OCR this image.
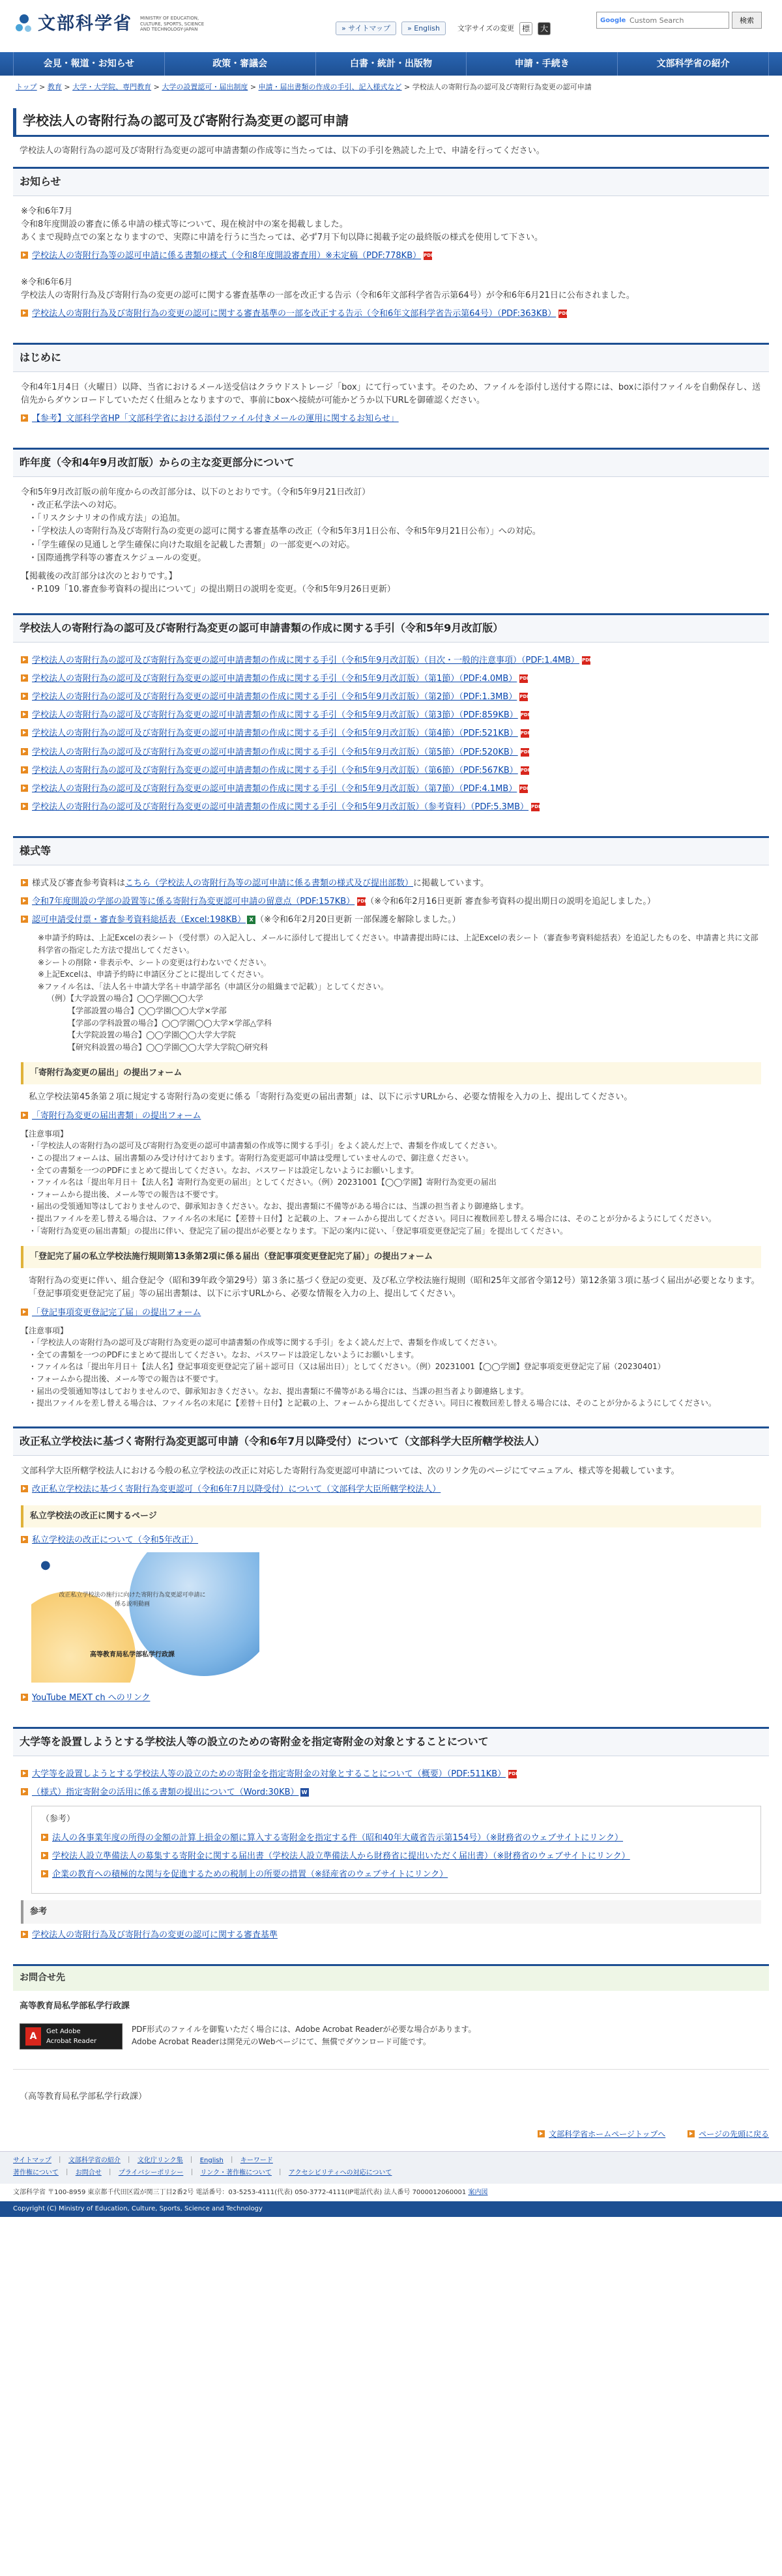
文部科学省 MINISTRY OF EDUCATION, CULTURE, SPORTS, SCIENCE AND TECHNOLOGY-JAPAN	» サイトマップ	» English	文字サイズの変更 標	大
Google
Custom Search	検索
会見・報道・お知らせ	政策・審議会	白書・統計・出版物	申請・手続き	文部科学省の紹介
トップ > 教育 > 大学・大学院、専門教育 > 大学の設置認可・届出制度 > 申請・届出書類の作成の手引、記入様式など > 学校法人の寄附行為の認可及び寄附行為変更の認可申請
学校法人の寄附行為の認可及び寄附行為変更の認可申請

学校法人の寄附行為の認可及び寄附行為変更の認可申請書類の作成等に当たっては、以下の手引を熟読した上で、申請を行ってください。

お知らせ

※令和6年7月

令和8年度開設の審査に係る申請の様式等について、現在検討中の案を掲載しました。

あくまで現時点での案となりますので、実際に申請を行うに当たっては、必ず7月下旬以降に掲載予定の最終版の様式を使用して下さい。

学校法人の寄附行為等の認可申請に係る書類の様式（令和8年度開設審査用）※未定稿（PDF:778KB） PDF

※令和6年6月

学校法人の寄附行為及び寄附行為の変更の認可に関する審査基準の一部を改正する告示（令和6年文部科学省告示第64号）が令和6年6月21日に公布されました。

学校法人の寄附行為及び寄附行為の変更の認可に関する審査基準の一部を改正する告示（令和6年文部科学省告示第64号）（PDF:363KB） PDF
はじめに

令和4年1月4日（火曜日）以降、当省におけるメール送受信はクラウドストレージ「box」にて行っています。そのため、ファイルを添付し送付する際には、boxに添付ファイルを自動保存し、送信先からダウンロードしていただく仕組みとなりますので、事前にboxへ接続が可能かどうか以下URLを御確認ください。

【参考】文部科学省HP「文部科学省における添付ファイル付きメールの運用に関するお知らせ」
昨年度（令和4年9月改訂版）からの主な変更部分について

令和5年9月改訂版の前年度からの改訂部分は、以下のとおりです。（令和5年9月21日改訂）

・改正私学法への対応。

・「リスクシナリオの作成方法」の追加。

・「学校法人の寄附行為及び寄附行為の変更の認可に関する審査基準の改正（令和5年3月1日公布、令和5年9月21日公布）」への対応。

・「学生確保の見通しと学生確保に向けた取組を記載した書類」の一部変更への対応。

・国際通携学科等の審査スケジュールの変更。

【掲載後の改訂部分は次のとおりです。】

・P.109「10.審査参考資料の提出について」の提出期日の説明を変更。（令和5年9月26日更新）

学校法人の寄附行為の認可及び寄附行為変更の認可申請書類の作成に関する手引（令和5年9月改訂版）
学校法人の寄附行為の認可及び寄附行為変更の認可申請書類の作成に関する手引（令和5年9月改訂版）（目次・一般的注意事項）（PDF:1.4MB） PDF
学校法人の寄附行為の認可及び寄附行為変更の認可申請書類の作成に関する手引（令和5年9月改訂版）（第1節）（PDF:4.0MB） PDF
学校法人の寄附行為の認可及び寄附行為変更の認可申請書類の作成に関する手引（令和5年9月改訂版）（第2節）（PDF:1.3MB） PDF
学校法人の寄附行為の認可及び寄附行為変更の認可申請書類の作成に関する手引（令和5年9月改訂版）（第3節）（PDF:859KB） PDF
学校法人の寄附行為の認可及び寄附行為変更の認可申請書類の作成に関する手引（令和5年9月改訂版）（第4節）（PDF:521KB） PDF
学校法人の寄附行為の認可及び寄附行為変更の認可申請書類の作成に関する手引（令和5年9月改訂版）（第5節）（PDF:520KB） PDF
学校法人の寄附行為の認可及び寄附行為変更の認可申請書類の作成に関する手引（令和5年9月改訂版）（第6節）（PDF:567KB） PDF
学校法人の寄附行為の認可及び寄附行為変更の認可申請書類の作成に関する手引（令和5年9月改訂版）（第7節）（PDF:4.1MB） PDF
学校法人の寄附行為の認可及び寄附行為変更の認可申請書類の作成に関する手引（令和5年9月改訂版）（参考資料）（PDF:5.3MB） PDF
様式等
様式及び審査参考資料はこちら（学校法人の寄附行為等の認可申請に係る書類の様式及び提出部数）に掲載しています。
令和7年度開設の学部の設置等に係る寄附行為変更認可申請の留意点（PDF:157KB） PDF（※令和6年2月16日更新 審査参考資料の提出期日の説明を追記しました。）
認可申請受付票・審査参考資料総括表（Excel:198KB） X （※令和6年2月20日更新 一部保護を解除しました。）

※申請予約時は、上記Excelの表シート（受付票）の入記入し、メールに添付して提出してください。申請書提出時には、上記Excelの表シート（審査参考資料総括表）を追記したものを、申請書と共に文部科学省の指定した方法で提出してください。

※シートの削除・非表示や、シートの変更は行わないでください。

※上記Excelは、申請予約時に申請区分ごとに提出してください。

※ファイル名は、「法人名＋申請大学名＋申請学部名（申請区分の組織まで記載）」としてください。

（例）【大学設置の場合】◯◯学園◯◯大学

【学部設置の場合】◯◯学園◯◯大学×学部

【学部の学科設置の場合】◯◯学園◯◯大学×学部△学科

【大学院設置の場合】◯◯学園◯◯大学大学院

【研究科設置の場合】◯◯学園◯◯大学大学院◯研究科

「寄附行為変更の届出」の提出フォーム

私立学校法第45条第２項に規定する寄附行為の変更に係る「寄附行為変更の届出書類」は、以下に示すURLから、必要な情報を入力の上、提出してください。

「寄附行為変更の届出書類」の提出フォーム

【注意事項】

・「学校法人の寄附行為の認可及び寄附行為変更の認可申請書類の作成等に関する手引」をよく読んだ上で、書類を作成してください。

・この提出フォームは、届出書類のみ受け付けております。寄附行為変更認可申請は受理していませんので、御注意ください。

・全ての書類を一つのPDFにまとめて提出してください。なお、パスワードは設定しないようにお願いします。

・ファイル名は「提出年月日＋【法人名】寄附行為変更の届出」としてください。（例）20231001【◯◯学園】寄附行為変更の届出

・フォームから提出後、メール等での報告は不要です。

・届出の受領通知等はしておりませんので、御承知おきください。なお、提出書類に不備等がある場合には、当課の担当者より御連絡します。

・提出ファイルを差し替える場合は、ファイル名の末尾に【差替＋日付】と記載の上、フォームから提出してください。同日に複数回差し替える場合には、そのことが分かるようにしてください。

・「寄附行為変更の届出書類」の提出に伴い、登記完了届の提出が必要となります。下記の案内に従い、「登記事項変更登記完了届」を提出してください。

「登記完了届の私立学校法施行規則第13条第2項に係る届出（登記事項変更登記完了届）」の提出フォーム

寄附行為の変更に伴い、組合登記令（昭和39年政令第29号）第３条に基づく登記の変更、及び私立学校法施行規則（昭和25年文部省令第12号）第12条第３項に基づく届出が必要となります。

「登記事項変更登記完了届」等の届出書類は、以下に示すURLから、必要な情報を入力の上、提出してください。

「登記事項変更登記完了届」の提出フォーム

【注意事項】

・「学校法人の寄附行為の認可及び寄附行為変更の認可申請書類の作成等に関する手引」をよく読んだ上で、書類を作成してください。

・全ての書類を一つのPDFにまとめて提出してください。なお、パスワードは設定しないようにお願いします。

・ファイル名は「提出年月日＋【法人名】登記事項変更登記完了届＋認可日（又は届出日）」としてください。（例）20231001【◯◯学園】登記事項変更登記完了届（20230401）

・フォームから提出後、メール等での報告は不要です。

・届出の受領通知等はしておりませんので、御承知おきください。なお、提出書類に不備等がある場合には、当課の担当者より御連絡します。

・提出ファイルを差し替える場合は、ファイル名の末尾に【差替＋日付】と記載の上、フォームから提出してください。同日に複数回差し替える場合には、そのことが分かるようにしてください。

改正私立学校法に基づく寄附行為変更認可申請（令和6年7月以降受付）について（文部科学大臣所轄学校法人）

文部科学大臣所轄学校法人における今般の私立学校法の改正に対応した寄附行為変更認可申請については、次のリンク先のページにてマニュアル、様式等を掲載しています。

改正私立学校法に基づく寄附行為変更認可（令和6年7月以降受付）について（文部科学大臣所轄学校法人）
私立学校法の改正に関するページ
私立学校法の改正について（令和5年改正）
●
改正私立学校法の施行に向けた寄附行為変更認可申請に係る説明動画
高等教育局私学部私学行政課
YouTube MEXT ch へのリンク
大学等を設置しようとする学校法人等の設立のための寄附金を指定寄附金の対象とすることについて
大学等を設置しようとする学校法人等の設立のための寄附金を指定寄附金の対象とすることについて（概要）（PDF:511KB） PDF
（様式）指定寄附金の活用に係る書類の提出について（Word:30KB） W

（参考）

法人の各事業年度の所得の金額の計算上損金の額に算入する寄附金を指定する件（昭和40年大蔵省告示第154号）（※財務省のウェブサイトにリンク）
学校法人設立準備法人の募集する寄附金に関する届出書（学校法人設立準備法人から財務省に提出いただく届出書）（※財務省のウェブサイトにリンク）
企業の教育への積極的な関与を促進するための税制上の所要の措置（※経産省のウェブサイトにリンク）
参考
学校法人の寄附行為及び寄附行為の変更の認可に関する審査基準
お問合せ先

高等教育局私学部私学行政課

A	Get Adobe
Acrobat Reader

PDF形式のファイルを御覧いただく場合には、Adobe Acrobat Readerが必要な場合があります。

Adobe Acrobat Readerは開発元のWebページにて、無償でダウンロード可能です。

（高等教育局私学部私学行政課）

文部科学省ホームページトップへ	ページの先頭に戻る
サイトマップ ｜ 文部科学省の紹介 ｜ 文化庁リンク集 ｜ English ｜ キーワード
著作権について ｜ お問合せ ｜ プライバシーポリシー ｜ リンク・著作権について ｜ アクセシビリティへの対応について
文部科学省 〒100-8959 東京都千代田区霞が関三丁目2番2号 電話番号：03-5253-4111(代表) 050-3772-4111(IP電話代表) 法人番号 7000012060001 案内図
Copyright (C) Ministry of Education, Culture, Sports, Science and Technology
